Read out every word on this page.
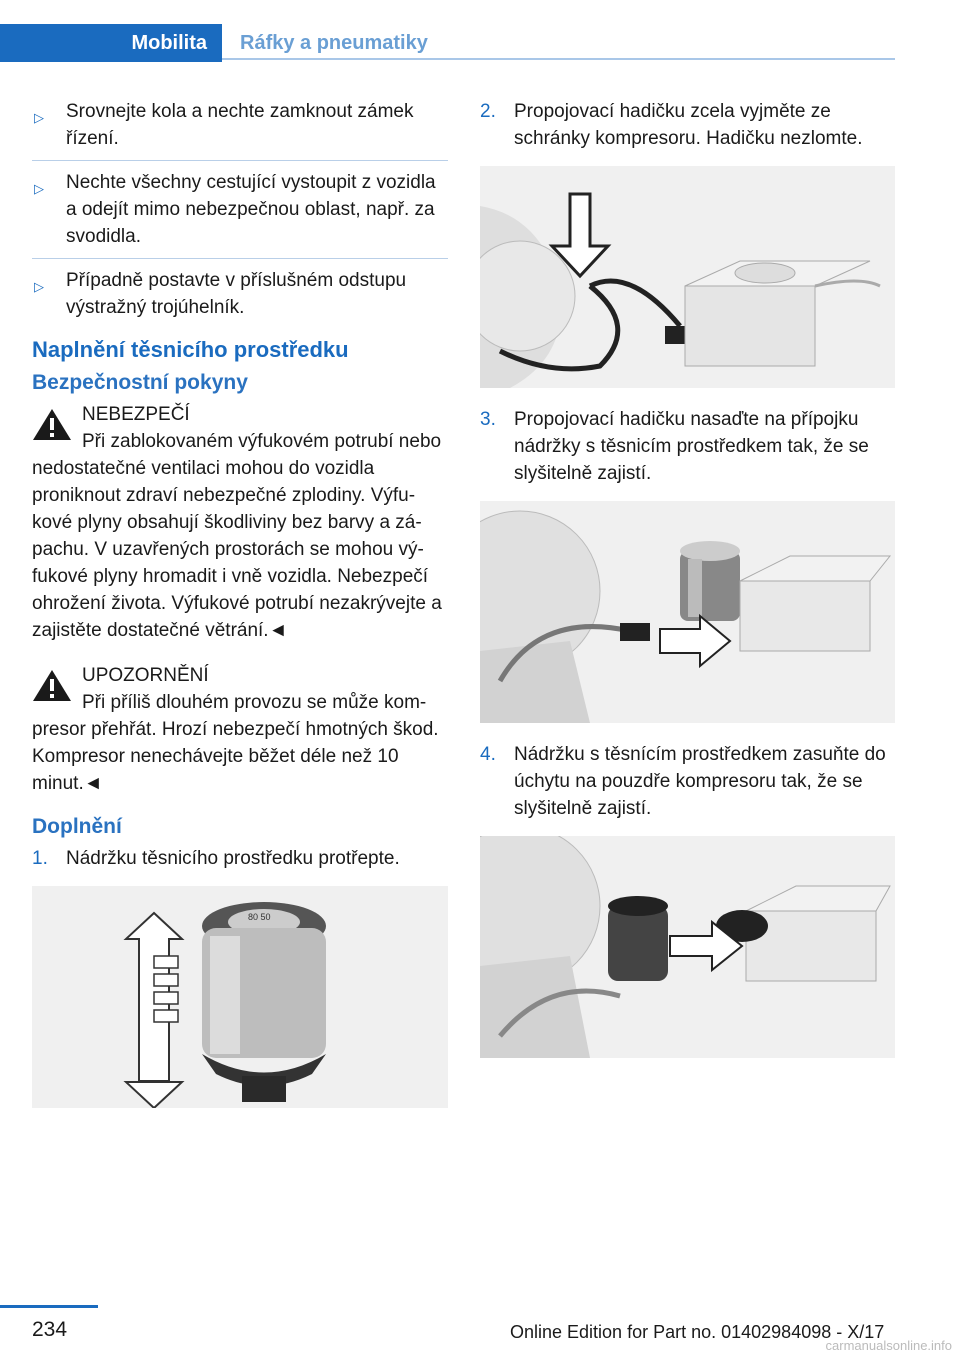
Mobilita	Ráfky a pneumatiky
▷ Srovnejte kola a nechte zamknout zámek řízení.
▷ Nechte všechny cestující vystoupit z vozidla a odejít mimo nebezpečnou oblast, např. za svodidla.
▷ Případně postavte v příslušném odstupu výstražný trojúhelník.
Naplnění těsnicího prostředku
Bezpečnostní pokyny
NEBEZPEČÍ
Při zablokovaném výfukovém potrubí nebo nedostatečné ventilaci mohou do vozidla proniknout zdraví nebezpečné zplodiny. Výfu-kové plyny obsahují škodliviny bez barvy a zá-pachu. V uzavřených prostorách se mohou vý-fukové plyny hromadit i vně vozidla. Nebezpečí ohrožení života. Výfukové potrubí nezakrývejte a zajistěte dostatečné větrání.◄
UPOZORNĚNÍ
Při příliš dlouhém provozu se může kom-presor přehřát. Hrozí nebezpečí hmotných škod. Kompresor nenechávejte běžet déle než 10 minut.◄
Doplnění
1. Nádržku těsnicího prostředku protřepte.
80 50
2. Propojovací hadičku zcela vyjměte ze schránky kompresoru. Hadičku nezlomte.
3. Propojovací hadičku nasaďte na přípojku nádržky s těsnicím prostředkem tak, že se slyšitelně zajistí.
4. Nádržku s těsnícím prostředkem zasuňte do úchytu na pouzdře kompresoru tak, že se slyšitelně zajistí.
234	Online Edition for Part no. 01402984098 - X/17
carmanualsonline.info
